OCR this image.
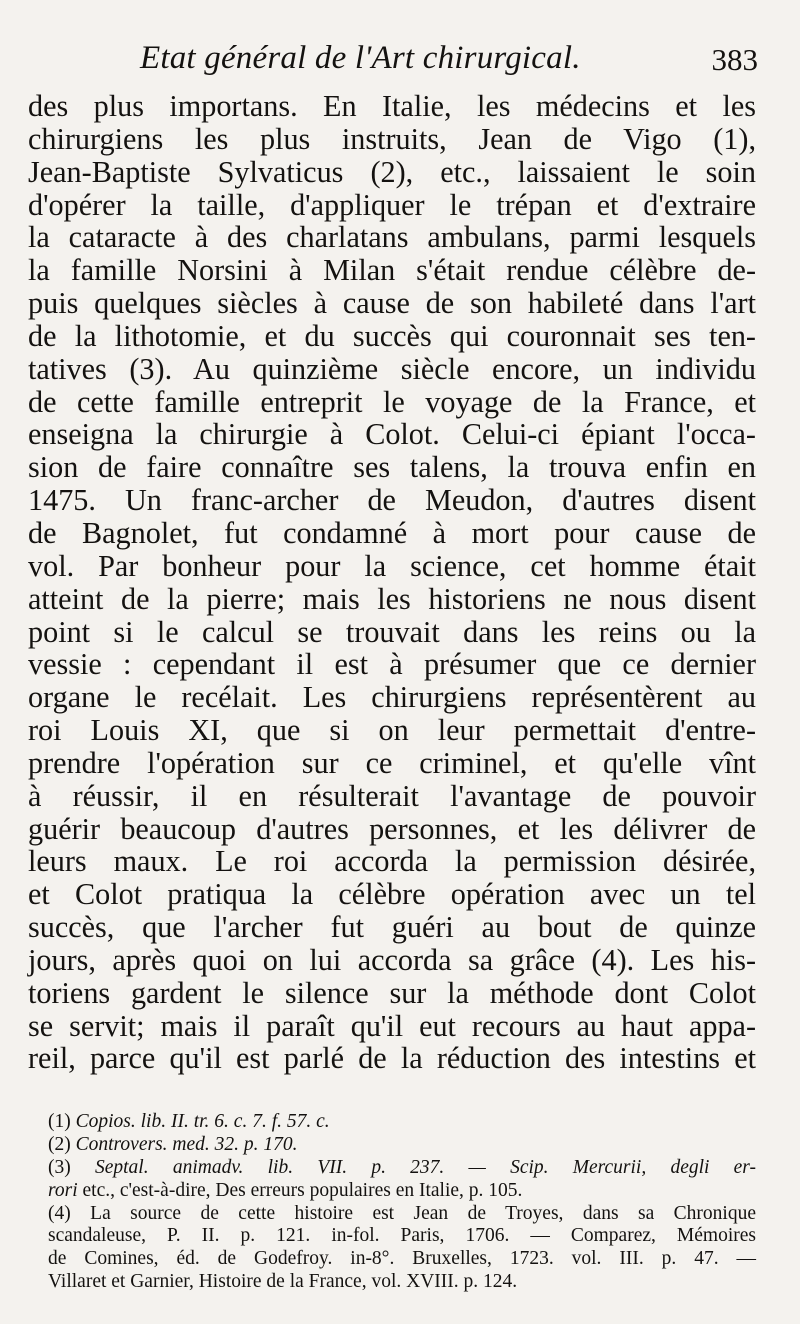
Etat général de l'Art chirurgical.	383
des plus importans. En Italie, les médecins et les
chirurgiens les plus instruits, Jean de Vigo (1),
Jean-Baptiste Sylvaticus (2), etc., laissaient le soin
d'opérer la taille, d'appliquer le trépan et d'extraire
la cataracte à des charlatans ambulans, parmi lesquels
la famille Norsini à Milan s'était rendue célèbre de-
puis quelques siècles à cause de son habileté dans l'art
de la lithotomie, et du succès qui couronnait ses ten-
tatives (3). Au quinzième siècle encore, un individu
de cette famille entreprit le voyage de la France, et
enseigna la chirurgie à Colot. Celui-ci épiant l'occa-
sion de faire connaître ses talens, la trouva enfin en
1475. Un franc-archer de Meudon, d'autres disent
de Bagnolet, fut condamné à mort pour cause de
vol. Par bonheur pour la science, cet homme était
atteint de la pierre; mais les historiens ne nous disent
point si le calcul se trouvait dans les reins ou la
vessie : cependant il est à présumer que ce dernier
organe le recélait. Les chirurgiens représentèrent au
roi Louis XI, que si on leur permettait d'entre-
prendre l'opération sur ce criminel, et qu'elle vînt
à réussir, il en résulterait l'avantage de pouvoir
guérir beaucoup d'autres personnes, et les délivrer de
leurs maux. Le roi accorda la permission désirée,
et Colot pratiqua la célèbre opération avec un tel
succès, que l'archer fut guéri au bout de quinze
jours, après quoi on lui accorda sa grâce (4). Les his-
toriens gardent le silence sur la méthode dont Colot
se servit; mais il paraît qu'il eut recours au haut appa-
reil, parce qu'il est parlé de la réduction des intestins et
(1) Copios. lib. II. tr. 6. c. 7. f. 57. c.
(2) Controvers. med. 32. p. 170.
(3) Septal. animadv. lib. VII. p. 237. — Scip. Mercurii, degli er-
rori etc., c'est-à-dire, Des erreurs populaires en Italie, p. 105.
(4) La source de cette histoire est Jean de Troyes, dans sa Chronique
scandaleuse, P. II. p. 121. in-fol. Paris, 1706. — Comparez, Mémoires
de Comines, éd. de Godefroy. in-8°. Bruxelles, 1723. vol. III. p. 47. —
Villaret et Garnier, Histoire de la France, vol. XVIII. p. 124.
